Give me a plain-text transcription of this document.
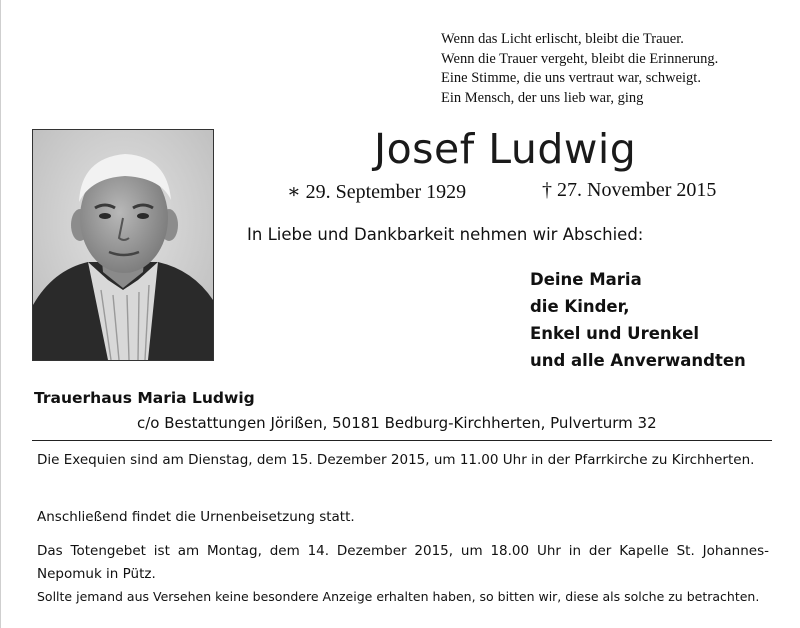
Wenn das Licht erlischt, bleibt die Trauer.
Wenn die Trauer vergeht, bleibt die Erinnerung.
Eine Stimme, die uns vertraut war, schweigt.
Ein Mensch, der uns lieb war, ging
Josef Ludwig
∗ 29. September 1929	† 27. November 2015
In Liebe und Dankbarkeit nehmen wir Abschied:
Deine Maria
die Kinder,
Enkel und Urenkel
und alle Anverwandten
Trauerhaus Maria Ludwig
c/o Bestattungen Jörißen, 50181 Bedburg-Kirchherten, Pulverturm 32
Die Exequien sind am Dienstag, dem 15. Dezember 2015, um 11.00 Uhr in der Pfarrkirche zu Kirchherten.
Anschließend findet die Urnenbeisetzung statt.
Das Totengebet ist am Montag, dem 14. Dezember 2015, um 18.00 Uhr in der Kapelle St. Johannes-Nepomuk in Pütz.
Sollte jemand aus Versehen keine besondere Anzeige erhalten haben, so bitten wir, diese als solche zu betrachten.
